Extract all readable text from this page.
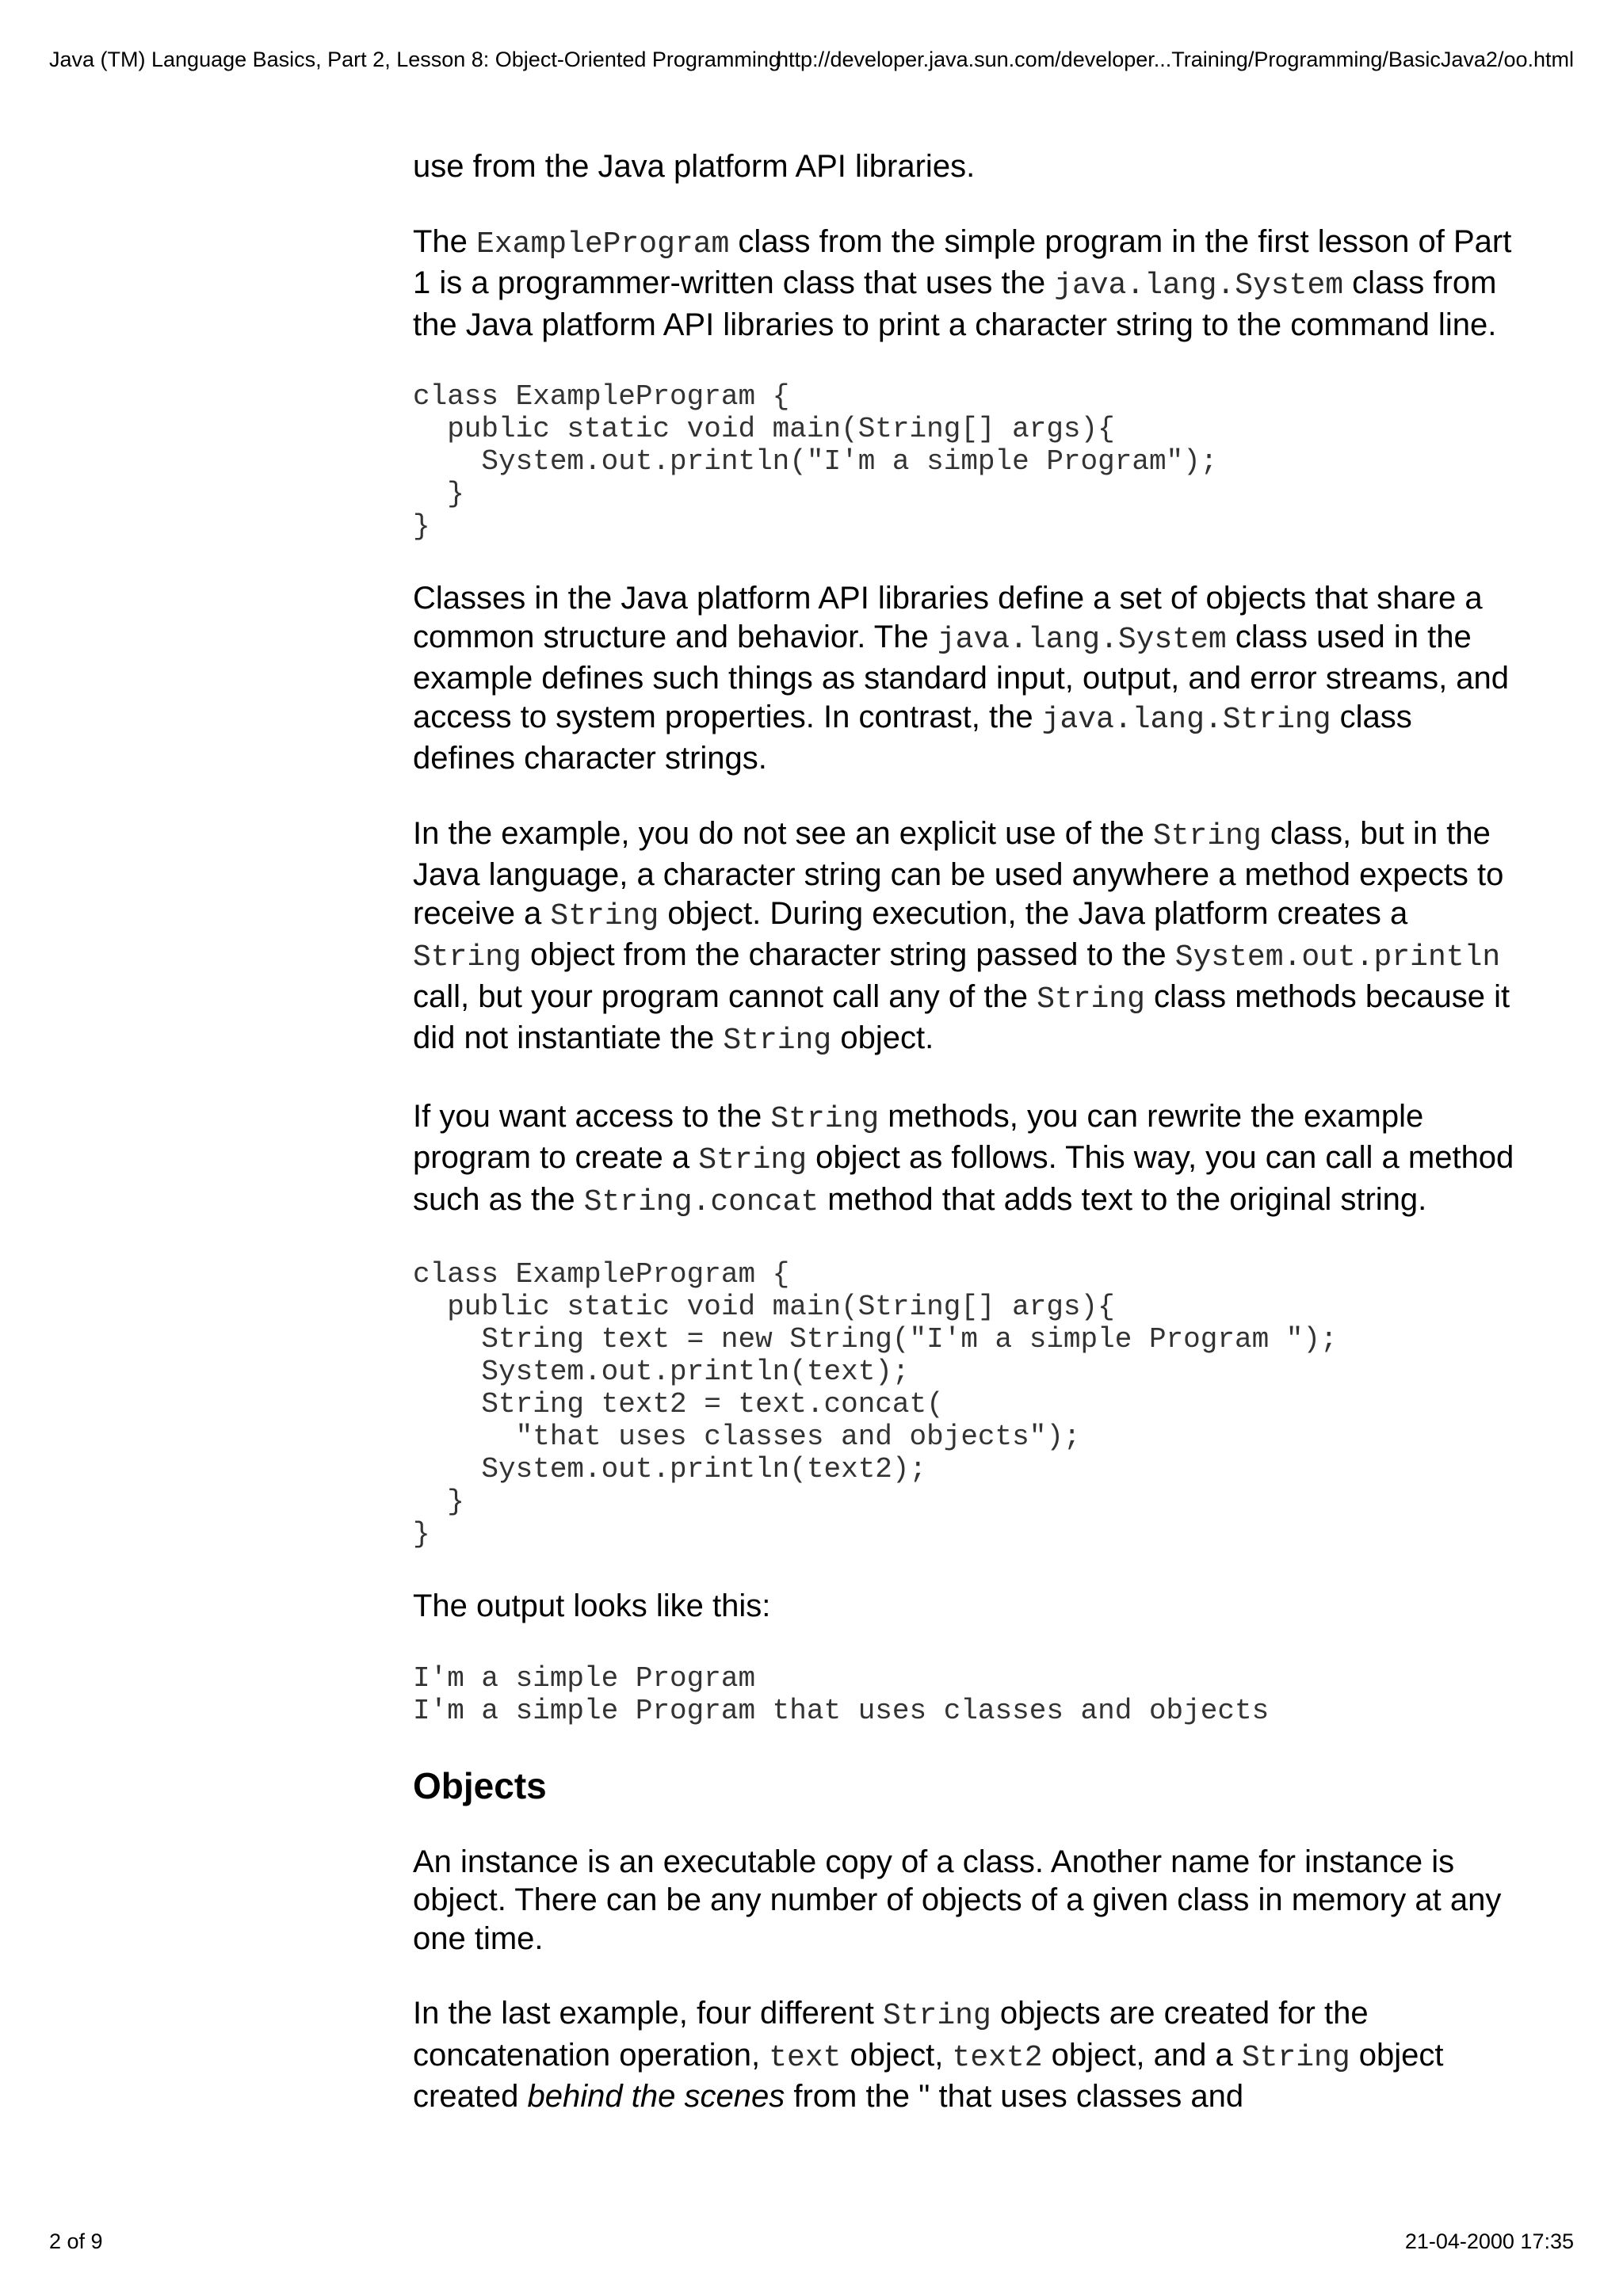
Java (TM) Language Basics, Part 2, Lesson 8: Object-Oriented Programming
http://developer.java.sun.com/developer...Training/Programming/BasicJava2/oo.html

use from the Java platform API libraries.

The ExampleProgram class from the simple program in the first lesson of Part 1 is a programmer-written class that uses the java.lang.System class from the Java platform API libraries to print a character string to the command line.

class ExampleProgram {
public static void main(String[] args){
System.out.println("I'm a simple Program");
}
}

Classes in the Java platform API libraries define a set of objects that share a common structure and behavior. The java.lang.System class used in the example defines such things as standard input, output, and error streams, and access to system properties. In contrast, the java.lang.String class defines character strings.

In the example, you do not see an explicit use of the String class, but in the Java language, a character string can be used anywhere a method expects to receive a String object. During execution, the Java platform creates a String object from the character string passed to the System.out.println call, but your program cannot call any of the String class methods because it did not instantiate the String object.

If you want access to the String methods, you can rewrite the example program to create a String object as follows. This way, you can call a method such as the String.concat method that adds text to the original string.

class ExampleProgram {
public static void main(String[] args){
String text = new String("I'm a simple Program ");
System.out.println(text);
String text2 = text.concat(
"that uses classes and objects");
System.out.println(text2);
}
}

The output looks like this:

I'm a simple Program
I'm a simple Program that uses classes and objects
Objects

An instance is an executable copy of a class. Another name for instance is object. There can be any number of objects of a given class in memory at any one time.

In the last example, four different String objects are created for the concatenation operation, text object, text2 object, and a String object created behind the scenes from the " that uses classes and

2 of 9	21-04-2000 17:35
